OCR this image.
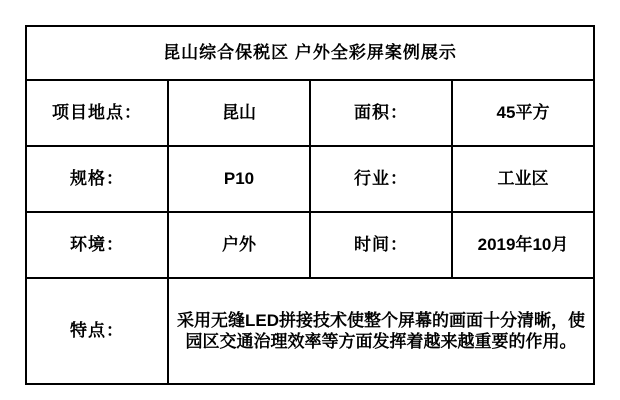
昆山综合保税区 户外全彩屏案例展示			
项目地点：	昆山	面积：	45平方
规格：	P10	行业：	工业区
环境：	户外	时间：	2019年10月
特点：	采用无缝LED拼接技术使整个屏幕的画面十分清晰，使园区交通治理效率等方面发挥着越来越重要的作用。		
